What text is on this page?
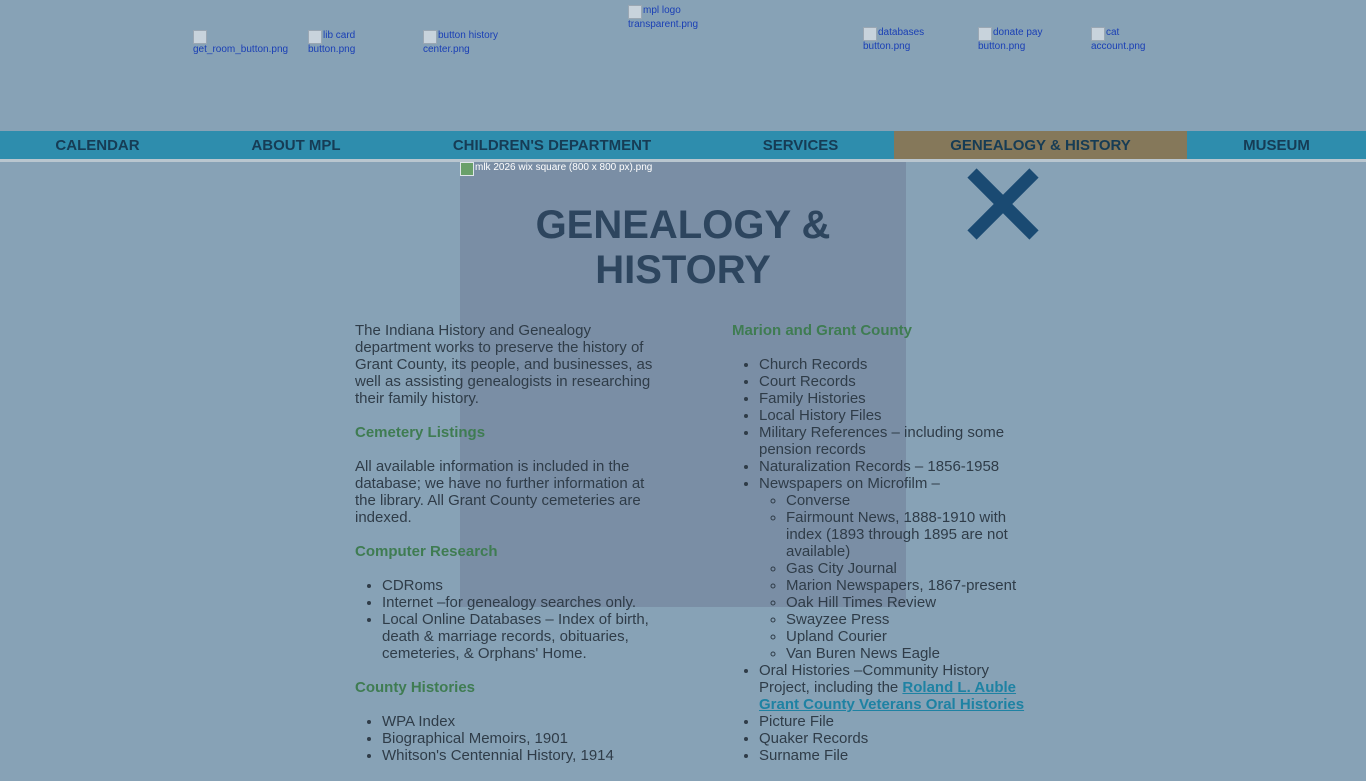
get_room_button.png
lib card button.png
button history center.png
mpl logo transparent.png
databases button.png
donate pay button.png
cat account.png
CALENDAR	ABOUT MPL	CHILDREN'S DEPARTMENT	SERVICES	GENEALOGY & HISTORY	MUSEUM
mlk 2026 wix square (800 x 800 px).png
GENEALOGY & HISTORY

The Indiana History and Genealogy department works to preserve the history of Grant County, its people, and businesses, as well as assisting genealogists in researching their family history.

Cemetery Listings

All available information is included in the database; we have no further information at the library. All Grant County cemeteries are indexed.

Computer Research
• CDRoms
• Internet –for genealogy searches only.
• Local Online Databases – Index of birth, death & marriage records, obituaries, cemeteries, & Orphans' Home.
County Histories
• WPA Index
• Biographical Memoirs, 1901
• Whitson's Centennial History, 1914
Marion and Grant County
• Church Records
• Court Records
• Family Histories
• Local History Files
• Military References – including some pension records
• Naturalization Records – 1856-1958
• Newspapers on Microfilm –
◦ Converse
◦ Fairmount News, 1888-1910 with index (1893 through 1895 are not available)
◦ Gas City Journal
◦ Marion Newspapers, 1867-present
◦ Oak Hill Times Review
◦ Swayzee Press
◦ Upland Courier
◦ Van Buren News Eagle
• Oral Histories –Community History Project, including the Roland L. Auble Grant County Veterans Oral Histories
• Picture File
• Quaker Records
• Surname File
